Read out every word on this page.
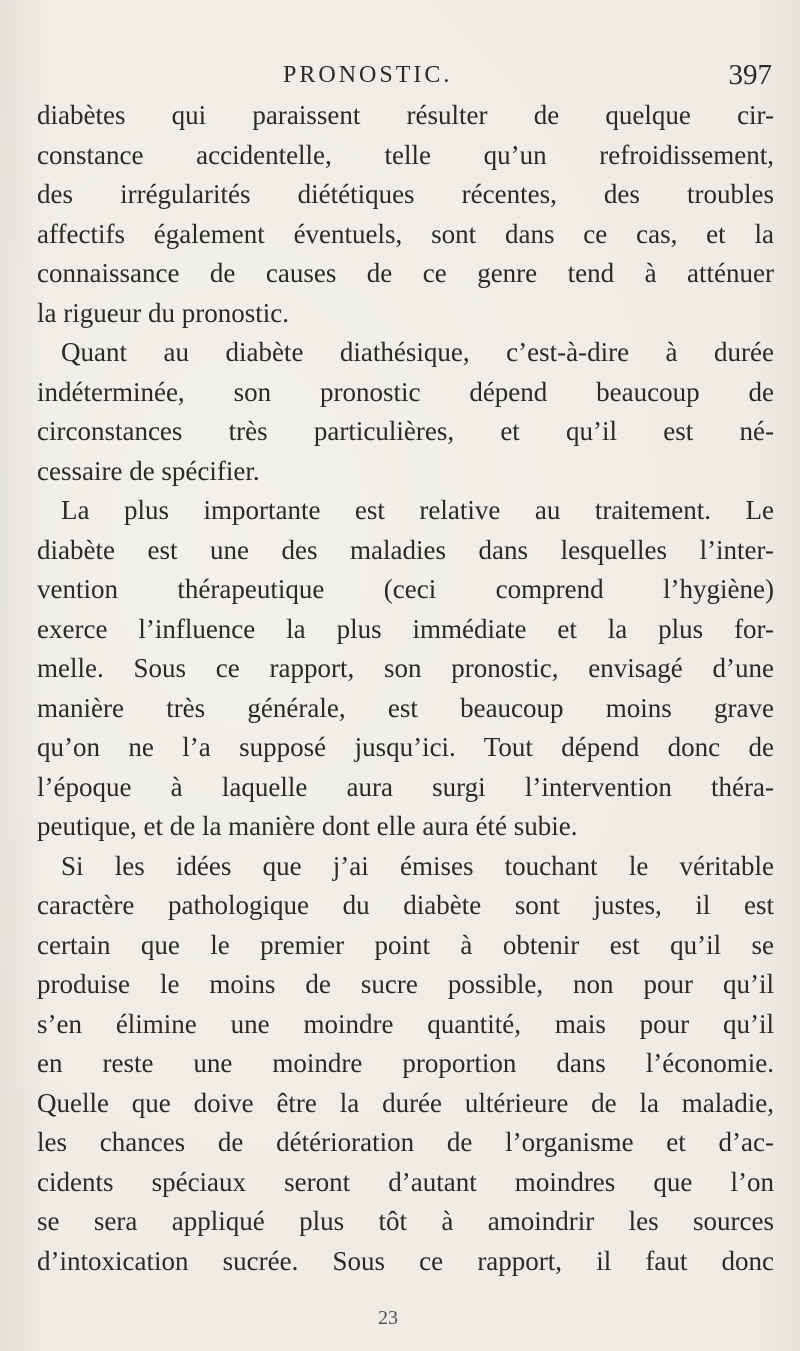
PRONOSTIC.	397
diabètes qui paraissent résulter de quelque cir-
constance accidentelle, telle qu’un refroidissement,
des irrégularités diététiques récentes, des troubles
affectifs également éventuels, sont dans ce cas, et la
connaissance de causes de ce genre tend à atténuer
la rigueur du pronostic.
Quant au diabète diathésique, c’est-à-dire à durée
indéterminée, son pronostic dépend beaucoup de
circonstances très particulières, et qu’il est né-
cessaire de spécifier.
La plus importante est relative au traitement. Le
diabète est une des maladies dans lesquelles l’inter-
vention thérapeutique (ceci comprend l’hygiène)
exerce l’influence la plus immédiate et la plus for-
melle. Sous ce rapport, son pronostic, envisagé d’une
manière très générale, est beaucoup moins grave
qu’on ne l’a supposé jusqu’ici. Tout dépend donc de
l’époque à laquelle aura surgi l’intervention théra-
peutique, et de la manière dont elle aura été subie.
Si les idées que j’ai émises touchant le véritable
caractère pathologique du diabète sont justes, il est
certain que le premier point à obtenir est qu’il se
produise le moins de sucre possible, non pour qu’il
s’en élimine une moindre quantité, mais pour qu’il
en reste une moindre proportion dans l’économie.
Quelle que doive être la durée ultérieure de la maladie,
les chances de détérioration de l’organisme et d’ac-
cidents spéciaux seront d’autant moindres que l’on
se sera appliqué plus tôt à amoindrir les sources
d’intoxication sucrée. Sous ce rapport, il faut donc
23
